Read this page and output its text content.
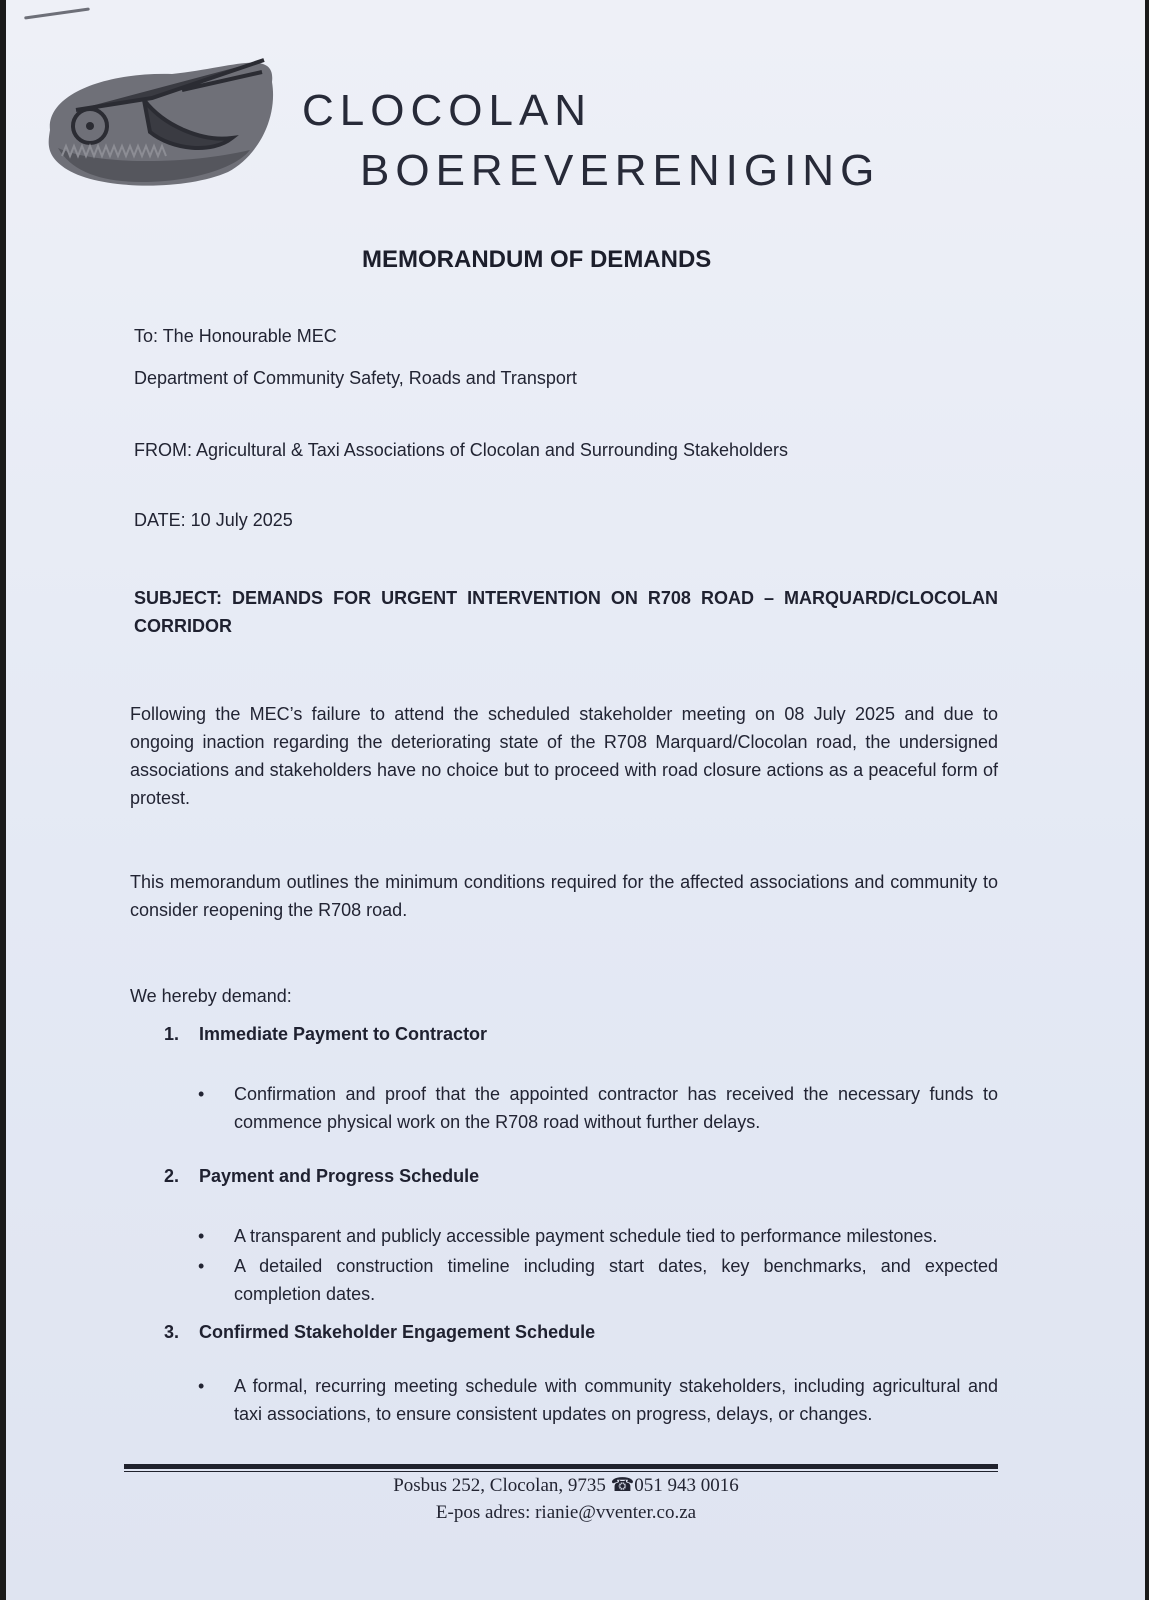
CLOCOLAN
BOEREVERENIGING
MEMORANDUM OF DEMANDS
To: The Honourable MEC
Department of Community Safety, Roads and Transport
FROM: Agricultural & Taxi Associations of Clocolan and Surrounding Stakeholders
DATE: 10 July 2025
SUBJECT: DEMANDS FOR URGENT INTERVENTION ON R708 ROAD – MARQUARD/CLOCOLAN CORRIDOR
Following the MEC’s failure to attend the scheduled stakeholder meeting on 08 July 2025 and due to ongoing inaction regarding the deteriorating state of the R708 Marquard/Clocolan road, the undersigned associations and stakeholders have no choice but to proceed with road closure actions as a peaceful form of protest.
This memorandum outlines the minimum conditions required for the affected associations and community to consider reopening the R708 road.
We hereby demand:
1. Immediate Payment to Contractor
•	Confirmation and proof that the appointed contractor has received the necessary funds to commence physical work on the R708 road without further delays.
2. Payment and Progress Schedule
•	A transparent and publicly accessible payment schedule tied to performance milestones.
•	A detailed construction timeline including start dates, key benchmarks, and expected completion dates.
3. Confirmed Stakeholder Engagement Schedule
•	A formal, recurring meeting schedule with community stakeholders, including agricultural and taxi associations, to ensure consistent updates on progress, delays, or changes.
Posbus 252, Clocolan, 9735 ☎051 943 0016
E-pos adres: rianie@vventer.co.za
